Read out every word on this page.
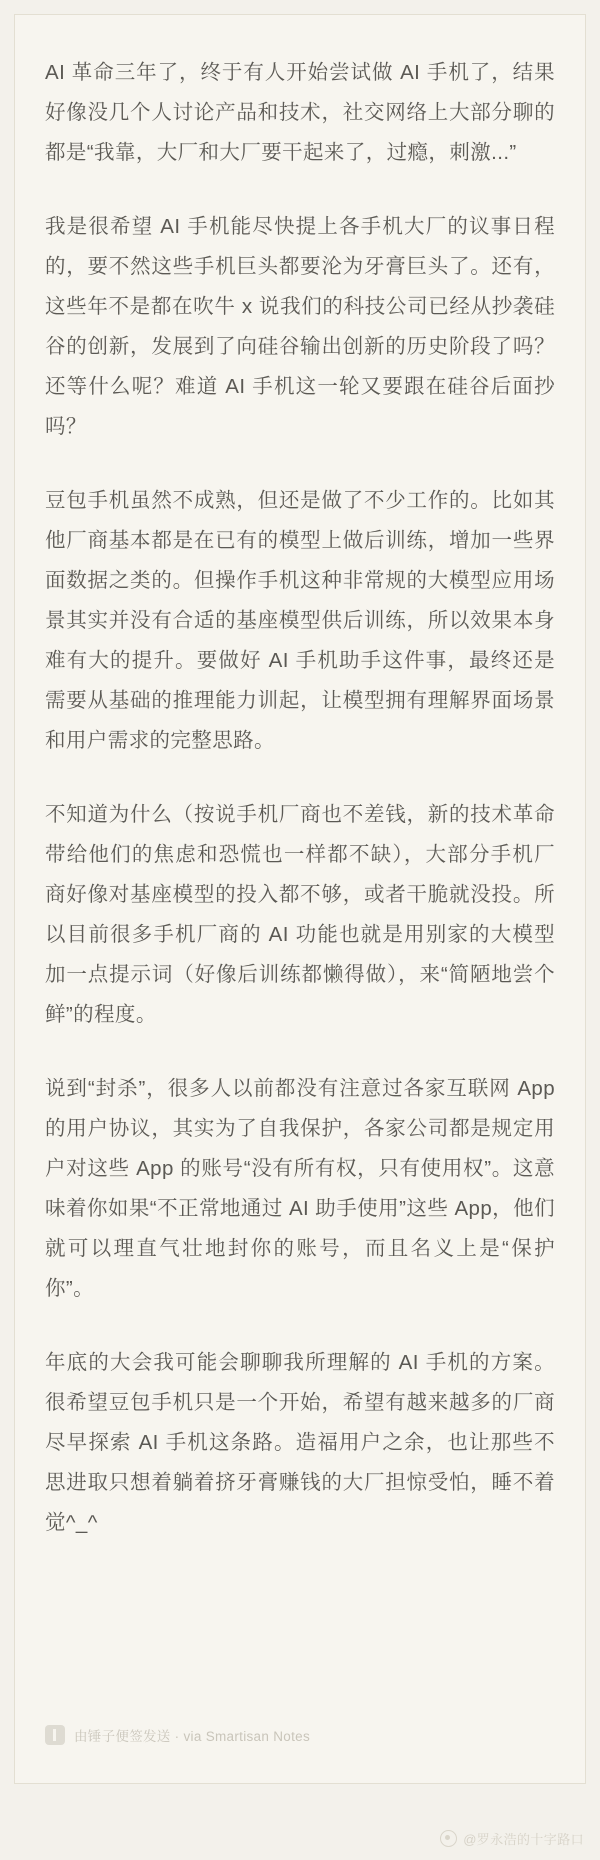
AI 革命三年了，终于有人开始尝试做 AI 手机了，结果好像没几个人讨论产品和技术，社交网络上大部分聊的都是“我靠，大厂和大厂要干起来了，过瘾，刺激...”

我是很希望 AI 手机能尽快提上各手机大厂的议事日程的，要不然这些手机巨头都要沦为牙膏巨头了。还有，这些年不是都在吹牛 x 说我们的科技公司已经从抄袭硅谷的创新，发展到了向硅谷输出创新的历史阶段了吗？还等什么呢？难道 AI 手机这一轮又要跟在硅谷后面抄吗？

豆包手机虽然不成熟，但还是做了不少工作的。比如其他厂商基本都是在已有的模型上做后训练，增加一些界面数据之类的。但操作手机这种非常规的大模型应用场景其实并没有合适的基座模型供后训练，所以效果本身难有大的提升。要做好 AI 手机助手这件事，最终还是需要从基础的推理能力训起，让模型拥有理解界面场景和用户需求的完整思路。

不知道为什么（按说手机厂商也不差钱，新的技术革命带给他们的焦虑和恐慌也一样都不缺），大部分手机厂商好像对基座模型的投入都不够，或者干脆就没投。所以目前很多手机厂商的 AI 功能也就是用别家的大模型加一点提示词（好像后训练都懒得做），来“简陋地尝个鲜”的程度。

说到“封杀”，很多人以前都没有注意过各家互联网 App 的用户协议，其实为了自我保护，各家公司都是规定用户对这些 App 的账号“没有所有权，只有使用权”。这意味着你如果“不正常地通过 AI 助手使用”这些 App，他们就可以理直气壮地封你的账号，而且名义上是“保护你”。

年底的大会我可能会聊聊我所理解的 AI 手机的方案。很希望豆包手机只是一个开始，希望有越来越多的厂商尽早探索 AI 手机这条路。造福用户之余，也让那些不思进取只想着躺着挤牙膏赚钱的大厂担惊受怕，睡不着觉^_^

由锤子便签发送 · via Smartisan Notes
@罗永浩的十字路口
